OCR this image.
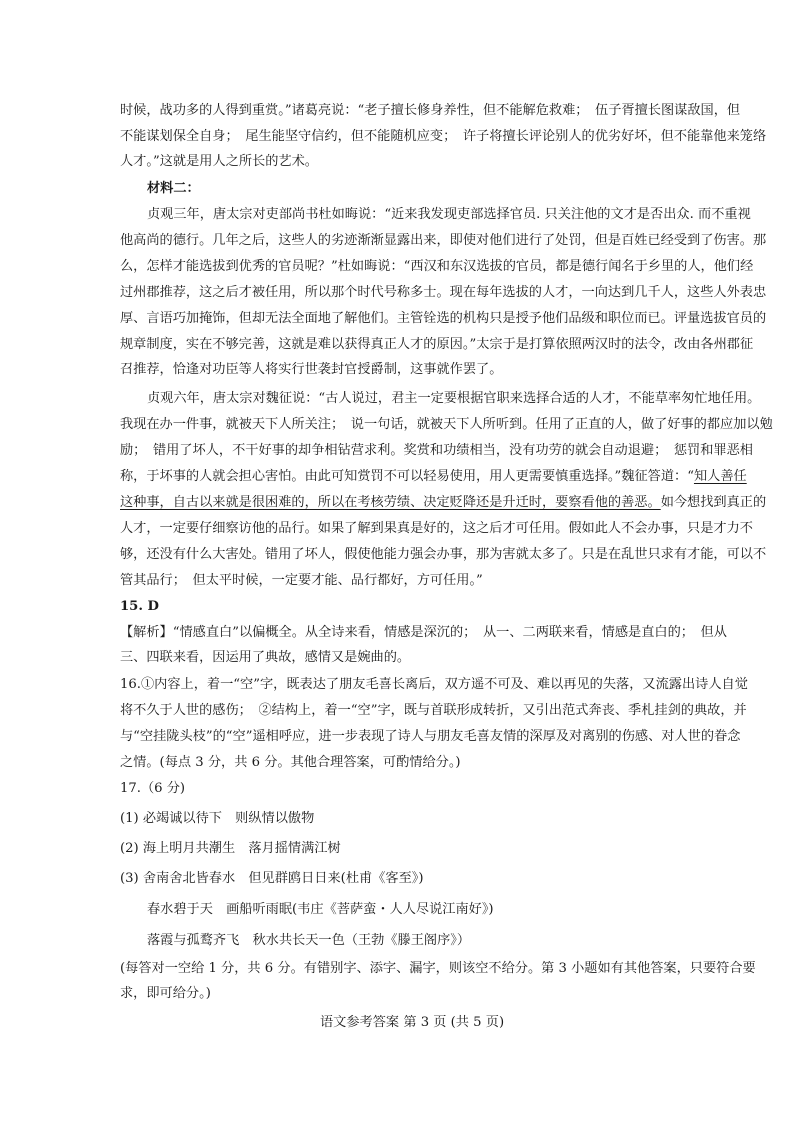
时候，战功多的人得到重赏。”诸葛亮说：“老子擅长修身养性，但不能解危救难；　伍子胥擅长图谋敌国，但
不能谋划保全自身；　尾生能坚守信约，但不能随机应变；　许子将擅长评论别人的优劣好坏，但不能靠他来笼络
人才。”这就是用人之所长的艺术。
材料二：
贞观三年，唐太宗对吏部尚书杜如晦说：“近来我发现吏部选择官员. 只关注他的文才是否出众. 而不重视
他高尚的德行。几年之后，这些人的劣迹渐渐显露出来，即使对他们进行了处罚，但是百姓已经受到了伤害。那
么，怎样才能选拔到优秀的官员呢？”杜如晦说：“西汉和东汉选拔的官员，都是德行闻名于乡里的人，他们经
过州郡推荐，这之后才被任用，所以那个时代号称多士。现在每年选拔的人才，一向达到几千人，这些人外表忠
厚、言语巧加掩饰，但却无法全面地了解他们。主管铨选的机构只是授予他们品级和职位而已。评量选拔官员的
规章制度，实在不够完善，这就是难以获得真正人才的原因。”太宗于是打算依照两汉时的法令，改由各州郡征
召推荐，恰逢对功臣等人将实行世袭封官授爵制，这事就作罢了。
贞观六年，唐太宗对魏征说：“古人说过，君主一定要根据官职来选择合适的人才，不能草率匆忙地任用。
我现在办一件事，就被天下人所关注；　说一句话，就被天下人所听到。任用了正直的人，做了好事的都应加以勉
励；　错用了坏人，不干好事的却争相钻营求利。奖赏和功绩相当，没有功劳的就会自动退避；　惩罚和罪恶相
称，于坏事的人就会担心害怕。由此可知赏罚不可以轻易使用，用人更需要慎重选择。”魏征答道：“知人善任
这种事，自古以来就是很困难的，所以在考核劳绩、决定贬降还是升迁时，要察看他的善恶。如今想找到真正的
人才，一定要仔细察访他的品行。如果了解到果真是好的，这之后才可任用。假如此人不会办事，只是才力不
够，还没有什么大害处。错用了坏人，假使他能力强会办事，那为害就太多了。只是在乱世只求有才能，可以不
管其品行；　但太平时候，一定要才能、品行都好，方可任用。”
15. D
【解析】“情感直白”以偏概全。从全诗来看，情感是深沉的；　从一、二两联来看，情感是直白的；　但从
三、四联来看，因运用了典故，感情又是婉曲的。
16.①内容上，着一“空”字，既表达了朋友毛喜长离后，双方遥不可及、难以再见的失落，又流露出诗人自觉
将不久于人世的感伤；　②结构上，着一“空”字，既与首联形成转折，又引出范式奔丧、季札挂剑的典故，并
与“空挂陇头枝”的“空”遥相呼应，进一步表现了诗人与朋友毛喜友情的深厚及对离别的伤感、对人世的眷念
之情。(每点 3 分，共 6 分。其他合理答案，可酌情给分。)
17.（6 分)
(1) 必竭诚以待下　则纵情以傲物
(2) 海上明月共潮生　落月摇情满江树
(3) 舍南舍北皆春水　但见群鸥日日来(杜甫《客至》)
春水碧于天　画船听雨眠(韦庄《菩萨蛮・人人尽说江南好》)
落霞与孤鹜齐飞　秋水共长天一色（王勃《滕王阁序》）
(每答对一空给 1 分，共 6 分。有错别字、添字、漏字，则该空不给分。第 3 小题如有其他答案，只要符合要
求，即可给分。)
语文参考答案 第 3 页 (共 5 页)
